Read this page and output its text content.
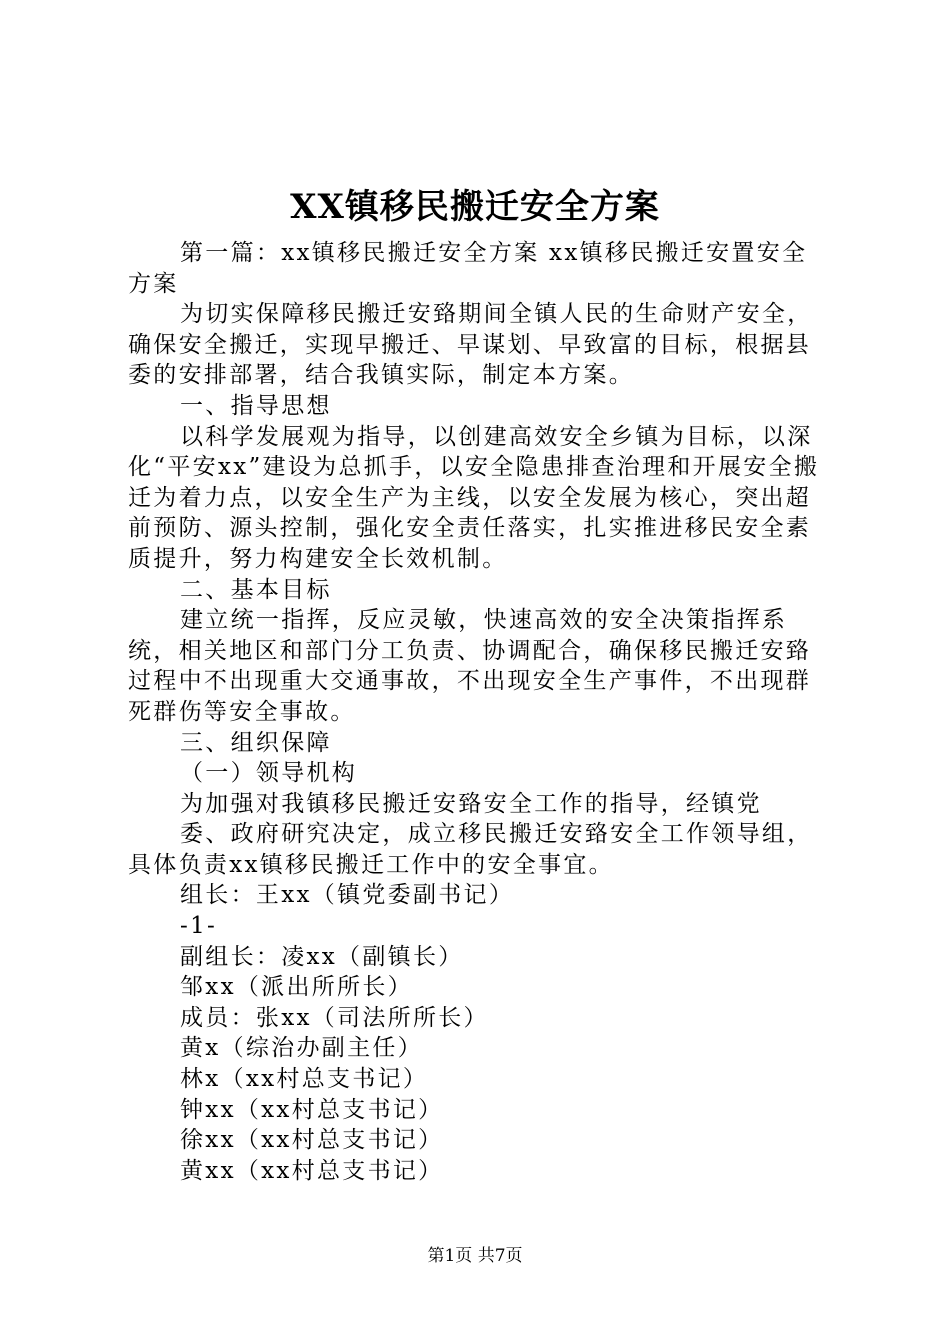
XX镇移民搬迁安全方案

第一篇：xx镇移民搬迁安全方案 xx镇移民搬迁安置安全方案

为切实保障移民搬迁安臵期间全镇人民的生命财产安全，确保安全搬迁，实现早搬迁、早谋划、早致富的目标，根据县委的安排部署，结合我镇实际，制定本方案。

一、指导思想

以科学发展观为指导，以创建高效安全乡镇为目标，以深化“平安xx”建设为总抓手，以安全隐患排查治理和开展安全搬迁为着力点，以安全生产为主线，以安全发展为核心，突出超前预防、源头控制，强化安全责任落实，扎实推进移民安全素质提升，努力构建安全长效机制。

二、基本目标

建立统一指挥，反应灵敏，快速高效的安全决策指挥系统，相关地区和部门分工负责、协调配合，确保移民搬迁安臵过程中不出现重大交通事故，不出现安全生产事件，不出现群死群伤等安全事故。

三、组织保障

（一）领导机构

为加强对我镇移民搬迁安臵安全工作的指导，经镇党

委、政府研究决定，成立移民搬迁安臵安全工作领导组，具体负责xx镇移民搬迁工作中的安全事宜。

组长：王xx（镇党委副书记）

-1-

副组长：凌xx（副镇长）

邹xx（派出所所长）

成员：张xx（司法所所长）

黄x（综治办副主任）

林x（xx村总支书记）

钟xx（xx村总支书记）

徐xx（xx村总支书记）

黄xx（xx村总支书记）

第1页 共7页
